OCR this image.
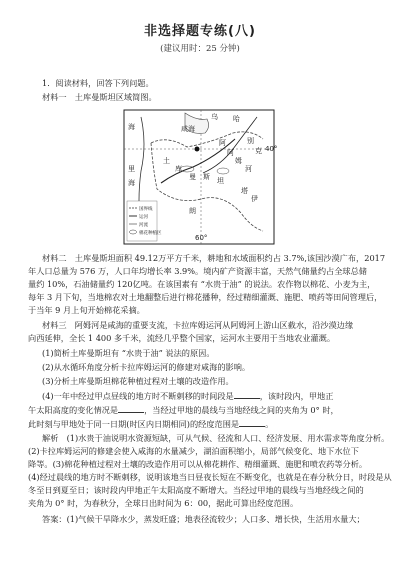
非选择题专练(八)
(建议用时：25 分钟)
1．阅读材料，回答下列问题。
材料一　土库曼斯坦区域简图。
乌 哈
咸海
海
里
海
土
库
曼 斯 坦
阿
阿
姆
河
别
克
塔
伊
朗
40°
60°
国界线
运河
河流
棉花种植区
材料二　土库曼斯坦面积 49.12万平方千米，耕地和水域面积约占 3.7%,该国沙漠广布，2017
年人口总量为 576 万，人口年均增长率 3.9%。境内矿产资源丰富，天然气储量约占全球总储
量约 10%，石油储量约 120亿吨。在该国素有 “水贵于油” 的说法。农作物以棉花、小麦为主，
每年 3 月下旬，当地棉农对土地翻整后进行棉花播种，经过精细灌溉、施肥、喷药等田间管理后，
于当年 9 月上旬开始棉花采摘。
材料三　阿姆河是咸海的重要支流，卡拉库姆运河从阿姆河上游山区截水，沿沙漠边缘
向西延伸，全长 1 400 多千米，流经几乎整个国家，运河水主要用于当地农业灌溉。
(1)简析土库曼斯坦有 “水贵于油” 说法的原因。
(2)从水循环角度分析卡拉库姆运河的修建对咸海的影响。
(3)分析土库曼斯坦棉花种植过程对土壤的改造作用。
(4)一年中经过甲点昼线的地方时不断刺移的时间段是	，该时段内，甲地正
午太阳高度的变化情况是	，当经过甲地的晨线与当地经线之间的夹角为 0° 时，
此时刻与甲地处于同一日期(时区内日期相同)的经度范围是	。
解析　(1)水贵于油说明水资源短缺，可从气候、径流和人口、经济发展、用水需求等角度分析。
(2)卡拉库姆运河的修建会使入咸海的水量减少，湖泊面积缩小，局部气候变化、地下水位下
降等。(3)棉花种植过程对土壤的改造作用可以从棉花耕作、精细灌溉、施肥和喷农药等分析。
(4)经过晨线的地方时不断刺移，说明该地当日昼夜长短在不断变化，也就是在春分秋分日，时段是从
冬至日到夏至日；该时段内甲地正午太阳高度不断增大。当经过甲地的晨线与当地经线之间的
夹角为 0° 时，为春秋分，全球日出时间为 6：00，据此可算出经度范围。
答案：(1)气候干旱降水少，蒸发旺盛；地表径流较少；人口多、增长快，生活用水量大；
